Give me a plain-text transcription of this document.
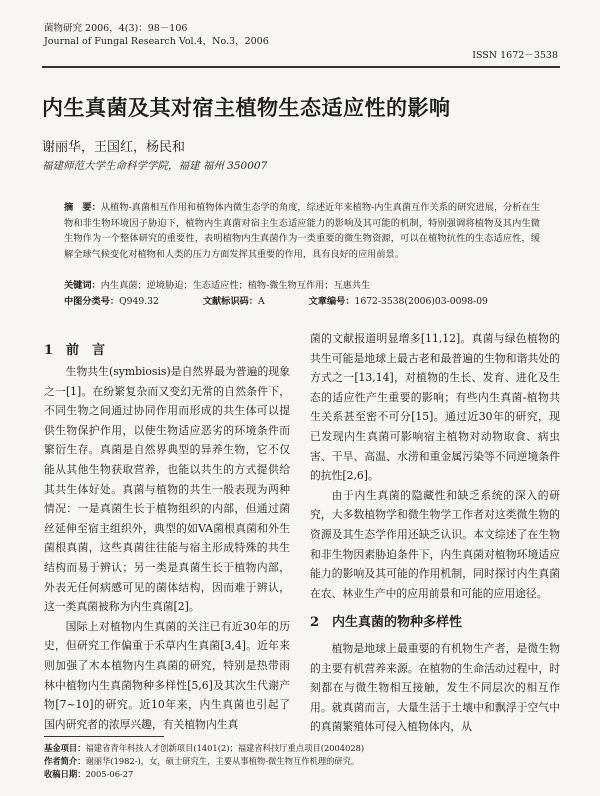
菌物研究 2006，4(3)：98－106
Journal of Fungal Research Vol.4，No.3，2006
ISSN 1672－3538
内生真菌及其对宿主植物生态适应性的影响
谢丽华，王国红，杨民和
福建师范大学生命科学学院，福建 福州 350007
摘　要：从植物-真菌相互作用和植物体内微生态学的角度，综述近年来植物-内生真菌互作关系的研究进展，分析在生物和非生物环境因子胁迫下，植物内生真菌对宿主生态适应能力的影响及其可能的机制，特别强调将植物及其内生微生物作为一个整体研究的重要性，表明植物内生真菌作为一类重要的微生物资源，可以在植物抗性的生态适应性，缓解全球气候变化对植物和人类的压力方面发挥其重要的作用，具有良好的应用前景。
关键词：内生真菌；逆境胁迫；生态适应性；植物-微生物互作用；互惠共生
中图分类号：Q949.32	文献标识码：A	文章编号：1672-3538(2006)03-0098-09
1　前　言

生物共生(symbiosis)是自然界最为普遍的现象之一[1]。在纷繁复杂而又变幻无常的自然条件下，不同生物之间通过协同作用而形成的共生体可以提供生物保护作用，以使生物适应恶劣的环境条件而繁衍生存。真菌是自然界典型的异养生物，它不仅能从其他生物获取营养，也能以共生的方式提供给其共生体好处。真菌与植物的共生一般表现为两种情况：一是真菌生长于植物组织的内部，但通过菌丝延伸至宿主组织外，典型的如VA菌根真菌和外生菌根真菌，这些真菌往往能与宿主形成特殊的共生结构而易于辨认；另一类是真菌生长于植物内部，外表无任何病感可见的菌体结构，因而难于辨认，这一类真菌被称为内生真菌[2]。

国际上对植物内生真菌的关注已有近30年的历史，但研究工作偏重于禾草内生真菌[3,4]。近年来则加强了木本植物内生真菌的研究，特别是热带雨林中植物内生真菌物种多样性[5,6]及其次生代谢产物[7~10]的研究。近10年来，内生真菌也引起了国内研究者的浓厚兴趣，有关植物内生真

菌的文献报道明显增多[11,12]。真菌与绿色植物的共生可能是地球上最古老和最普遍的生物和谐共处的方式之一[13,14]，对植物的生长、发育、进化及生态的适应性产生重要的影响；有些内生真菌-植物共生关系甚至密不可分[15]。通过近30年的研究，现已发现内生真菌可影响宿主植物对动物取食、病虫害、干旱、高温、水涝和重金属污染等不同逆境条件的抗性[2,6]。

由于内生真菌的隐藏性和缺乏系统的深入的研究，大多数植物学和微生物学工作者对这类微生物的资源及其生态学作用还缺乏认识。本文综述了在生物和非生物因素胁迫条件下，内生真菌对植物环境适应能力的影响及其可能的作用机制，同时探讨内生真菌在农、林业生产中的应用前景和可能的应用途径。

2　内生真菌的物种多样性

植物是地球上最重要的有机物生产者，是微生物的主要有机营养来源。在植物的生命活动过程中，时刻都在与微生物相互接触，发生不同层次的相互作用。就真菌而言，大量生活于土壤中和飘浮于空气中的真菌繁殖体可侵入植物体内，从

基金项目：福建省青年科技人才创新项目(1401(2)；福建省科技厅重点项目(2004028)
作者简介：谢丽华(1982-)，女，硕士研究生，主要从事植物-微生物互作机理的研究。
收稿日期：2005-06-27
